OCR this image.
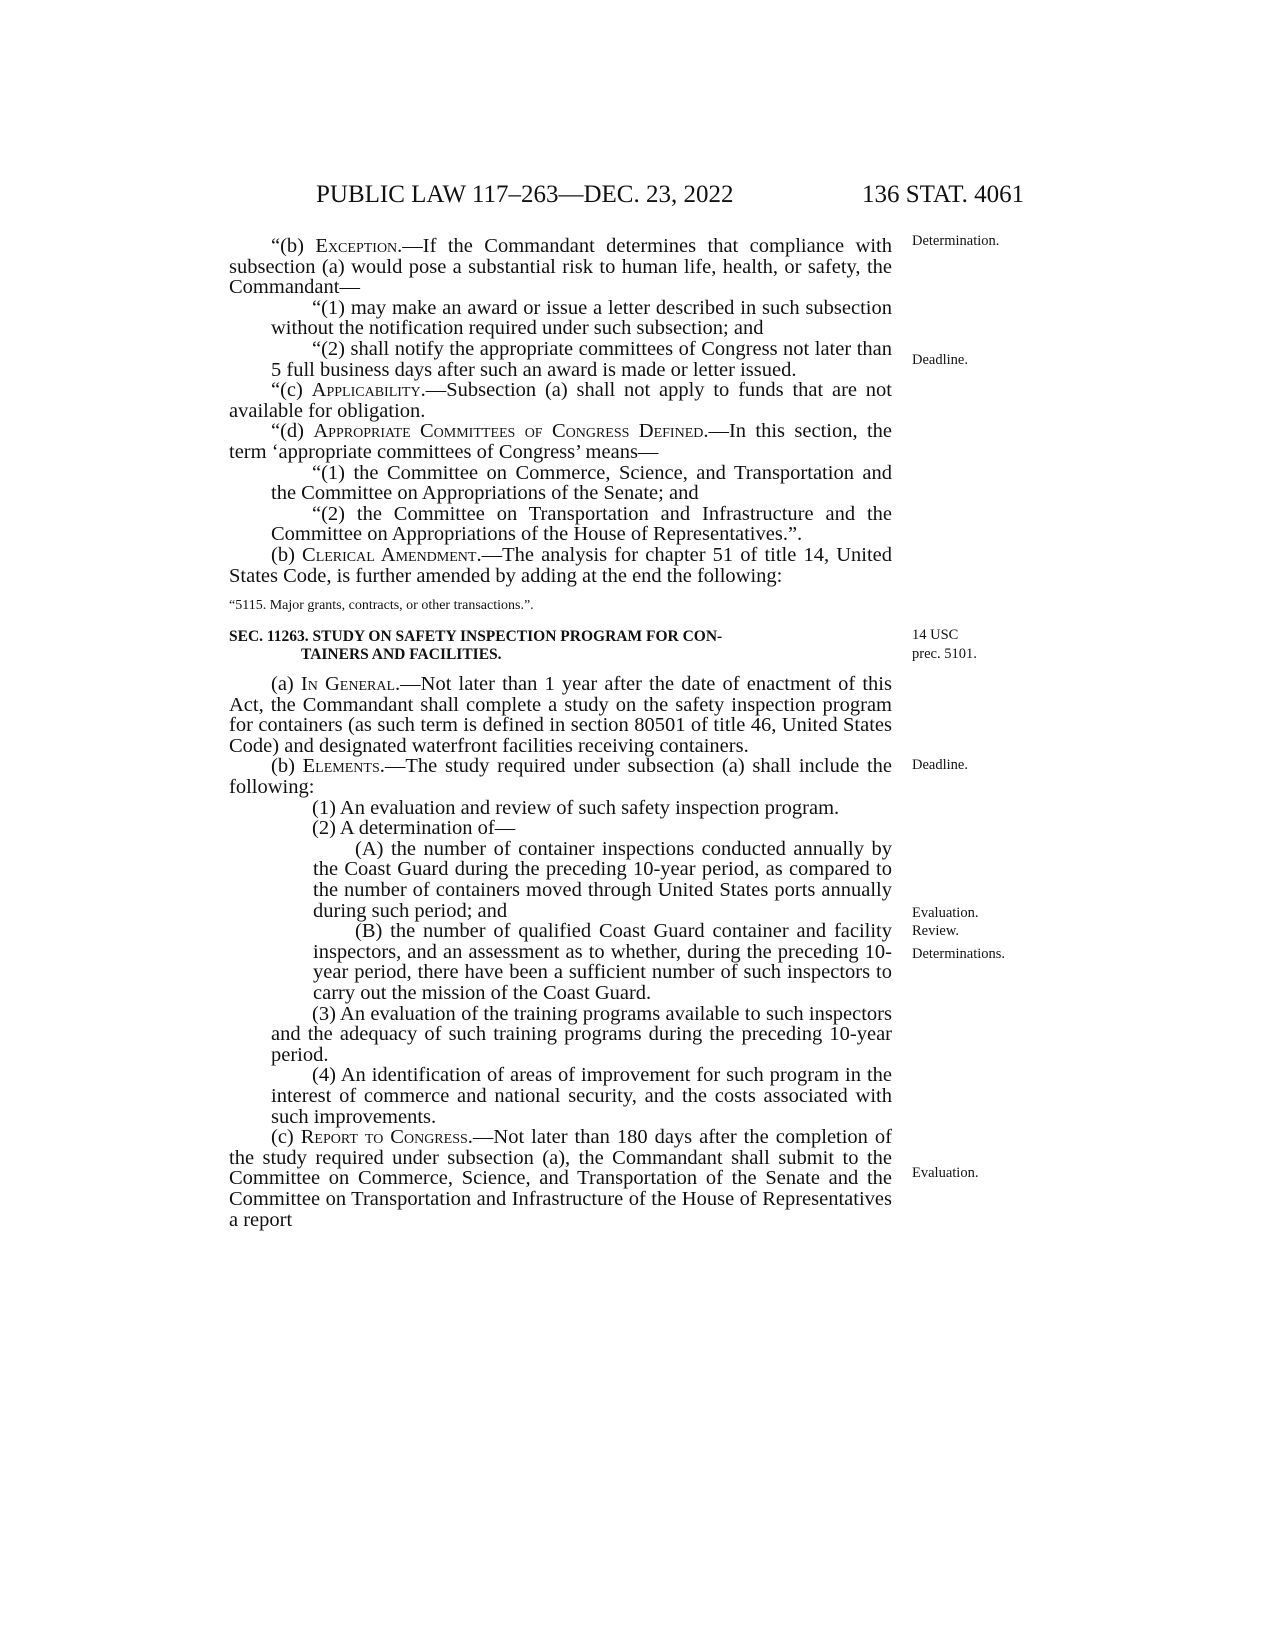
PUBLIC LAW 117–263—DEC. 23, 2022	136 STAT. 4061

“(b) Exception.—If the Commandant determines that compliance with subsection (a) would pose a substantial risk to human life, health, or safety, the Commandant—

“(1) may make an award or issue a letter described in such subsection without the notification required under such subsection; and

“(2) shall notify the appropriate committees of Congress not later than 5 full business days after such an award is made or letter issued.

“(c) Applicability.—Subsection (a) shall not apply to funds that are not available for obligation.

“(d) Appropriate Committees of Congress Defined.—In this section, the term ‘appropriate committees of Congress’ means—

“(1) the Committee on Commerce, Science, and Transportation and the Committee on Appropriations of the Senate; and

“(2) the Committee on Transportation and Infrastructure and the Committee on Appropriations of the House of Representatives.”.

(b) Clerical Amendment.—The analysis for chapter 51 of title 14, United States Code, is further amended by adding at the end the following:

“5115. Major grants, contracts, or other transactions.”.

SEC. 11263. STUDY ON SAFETY INSPECTION PROGRAM FOR CON-
TAINERS AND FACILITIES.

(a) In General.—Not later than 1 year after the date of enactment of this Act, the Commandant shall complete a study on the safety inspection program for containers (as such term is defined in section 80501 of title 46, United States Code) and designated waterfront facilities receiving containers.

(b) Elements.—The study required under subsection (a) shall include the following:

(1) An evaluation and review of such safety inspection program.

(2) A determination of—

(A) the number of container inspections conducted annually by the Coast Guard during the preceding 10-year period, as compared to the number of containers moved through United States ports annually during such period; and

(B) the number of qualified Coast Guard container and facility inspectors, and an assessment as to whether, during the preceding 10-year period, there have been a sufficient number of such inspectors to carry out the mission of the Coast Guard.

(3) An evaluation of the training programs available to such inspectors and the adequacy of such training programs during the preceding 10-year period.

(4) An identification of areas of improvement for such program in the interest of commerce and national security, and the costs associated with such improvements.

(c) Report to Congress.—Not later than 180 days after the completion of the study required under subsection (a), the Commandant shall submit to the Committee on Commerce, Science, and Transportation of the Senate and the Committee on Transportation and Infrastructure of the House of Representatives a report

Determination.
Deadline.
14 USC
prec. 5101.
Deadline.
Evaluation.
Review.
Determinations.
Evaluation.
